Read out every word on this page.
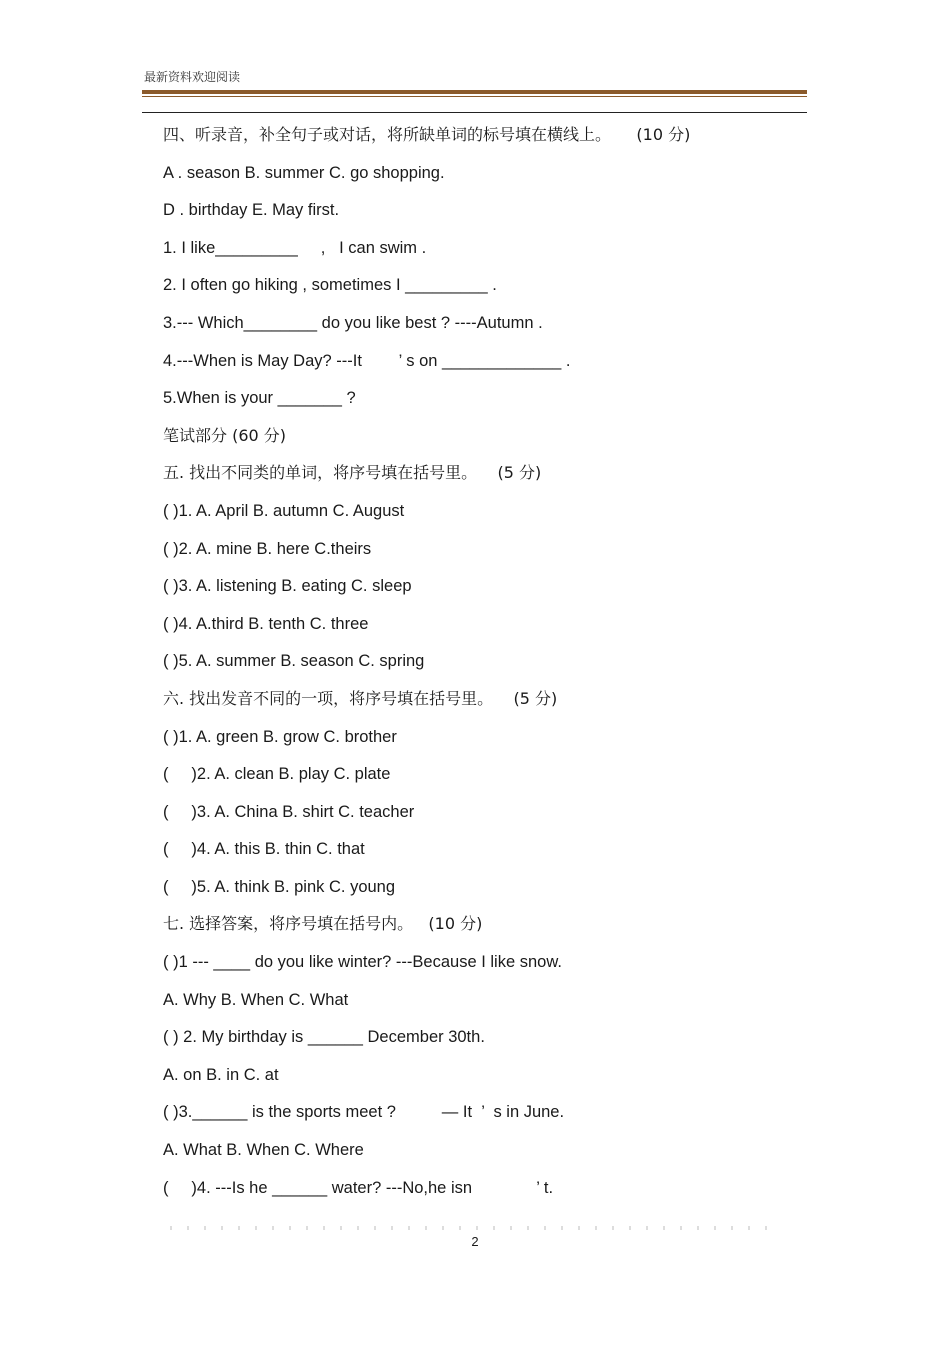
最新资料欢迎阅读
四、听录音，补全句子或对话，将所缺单词的标号填在横线上。     (10 分)
A . season B. summer C. go shopping.
D . birthday E. May first.
1. I like_________     ,   I can swim .
2. I often go hiking , sometimes I _________ .
3.--- Which________ do you like best ? ----Autumn .
4.---When is May Day? ---It        ’ s on _____________ .
5.When is your _______ ?
笔试部分 (60 分)
五. 找出不同类的单词，将序号填在括号里。    (5 分)
( )1. A. April B. autumn C. August
( )2. A. mine B. here C.theirs
( )3. A. listening B. eating C. sleep
( )4. A.third B. tenth C. three
( )5. A. summer B. season C. spring
六. 找出发音不同的一项，将序号填在括号里。    (5 分)
( )1. A. green B. grow C. brother
(     )2. A. clean B. play C. plate
(     )3. A. China B. shirt C. teacher
(     )4. A. this B. thin C. that
(     )5. A. think B. pink C. young
七. 选择答案，将序号填在括号内。   (10 分)
( )1 --- ____ do you like winter? ---Because I like snow.
A. Why B. When C. What
( ) 2. My birthday is ______ December 30th.
A. on B. in C. at
( )3.______ is the sports meet ?          — It  ’  s in June.
A. What B. When C. Where
(     )4. ---Is he ______ water? ---No,he isn              ’ t.
2
